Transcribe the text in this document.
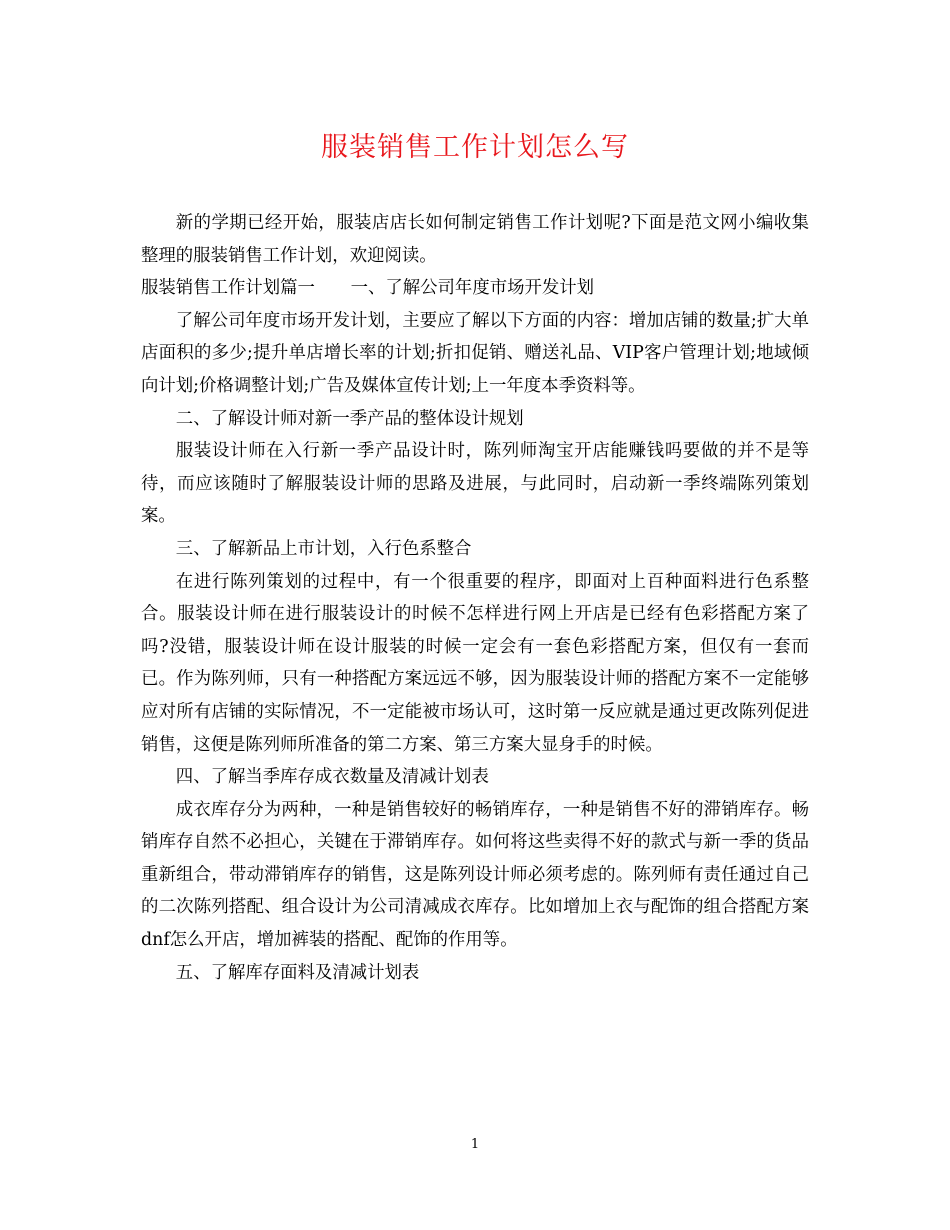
服装销售工作计划怎么写

新的学期已经开始，服装店店长如何制定销售工作计划呢?下面是范文网小编收集整理的服装销售工作计划，欢迎阅读。

服装销售工作计划篇一 一、了解公司年度市场开发计划

了解公司年度市场开发计划，主要应了解以下方面的内容：增加店铺的数量;扩大单店面积的多少;提升单店增长率的计划;折扣促销、赠送礼品、VIP客户管理计划;地域倾向计划;价格调整计划;广告及媒体宣传计划;上一年度本季资料等。

二、了解设计师对新一季产品的整体设计规划

服装设计师在入行新一季产品设计时，陈列师淘宝开店能赚钱吗要做的并不是等待，而应该随时了解服装设计师的思路及进展，与此同时，启动新一季终端陈列策划案。

三、了解新品上市计划，入行色系整合

在进行陈列策划的过程中，有一个很重要的程序，即面对上百种面料进行色系整合。服装设计师在进行服装设计的时候不怎样进行网上开店是已经有色彩搭配方案了吗?没错，服装设计师在设计服装的时候一定会有一套色彩搭配方案，但仅有一套而已。作为陈列师，只有一种搭配方案远远不够，因为服装设计师的搭配方案不一定能够应对所有店铺的实际情况，不一定能被市场认可，这时第一反应就是通过更改陈列促进销售，这便是陈列师所准备的第二方案、第三方案大显身手的时候。

四、了解当季库存成衣数量及清减计划表

成衣库存分为两种，一种是销售较好的畅销库存，一种是销售不好的滞销库存。畅销库存自然不必担心，关键在于滞销库存。如何将这些卖得不好的款式与新一季的货品重新组合，带动滞销库存的销售，这是陈列设计师必须考虑的。陈列师有责任通过自己的二次陈列搭配、组合设计为公司清减成衣库存。比如增加上衣与配饰的组合搭配方案dnf怎么开店，增加裤装的搭配、配饰的作用等。

五、了解库存面料及清减计划表

1
